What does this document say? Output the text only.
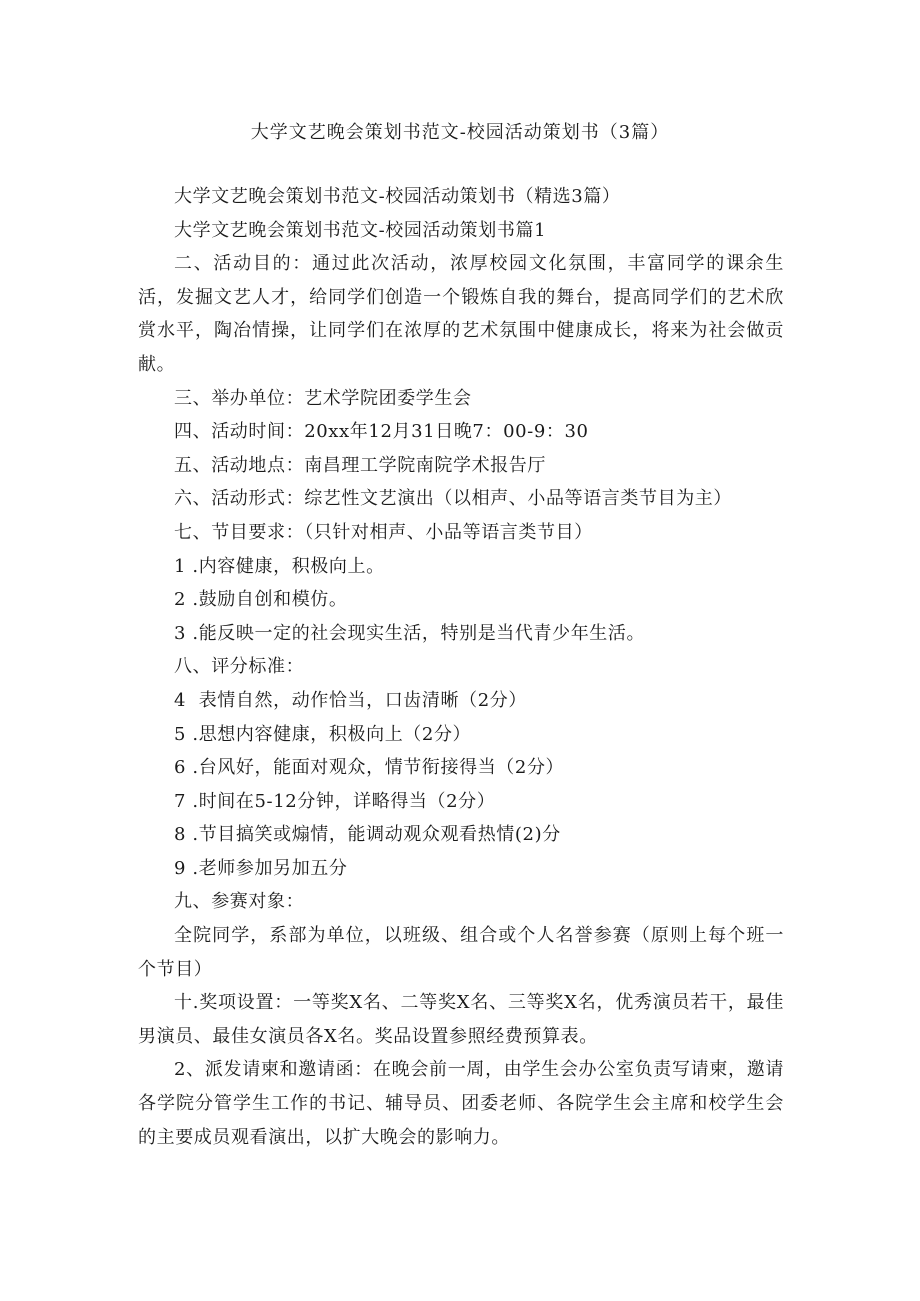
大学文艺晚会策划书范文-校园活动策划书（3篇）

大学文艺晚会策划书范文-校园活动策划书（精选3篇）

大学文艺晚会策划书范文-校园活动策划书篇1

二、活动目的：通过此次活动，浓厚校园文化氛围，丰富同学的课余生活，发掘文艺人才，给同学们创造一个锻炼自我的舞台，提高同学们的艺术欣赏水平，陶冶情操，让同学们在浓厚的艺术氛围中健康成长，将来为社会做贡献。

三、举办单位：艺术学院团委学生会

四、活动时间：20xx年12月31日晚7：00-9：30

五、活动地点：南昌理工学院南院学术报告厅

六、活动形式：综艺性文艺演出（以相声、小品等语言类节目为主）

七、节目要求：（只针对相声、小品等语言类节目）

1 .内容健康，积极向上。

2 .鼓励自创和模仿。

3 .能反映一定的社会现实生活，特别是当代青少年生活。

八、评分标准：

4  表情自然，动作恰当，口齿清晰（2分）

5 .思想内容健康，积极向上（2分）

6 .台风好，能面对观众，情节衔接得当（2分）

7 .时间在5-12分钟，详略得当（2分）

8 .节目搞笑或煽情，能调动观众观看热情(2)分

9 .老师参加另加五分

九、参赛对象：

全院同学，系部为单位，以班级、组合或个人名誉参赛（原则上每个班一个节目）

十.奖项设置：一等奖X名、二等奖X名、三等奖X名，优秀演员若干，最佳男演员、最佳女演员各X名。奖品设置参照经费预算表。

2、派发请柬和邀请函：在晚会前一周，由学生会办公室负责写请柬，邀请各学院分管学生工作的书记、辅导员、团委老师、各院学生会主席和校学生会的主要成员观看演出，以扩大晚会的影响力。
